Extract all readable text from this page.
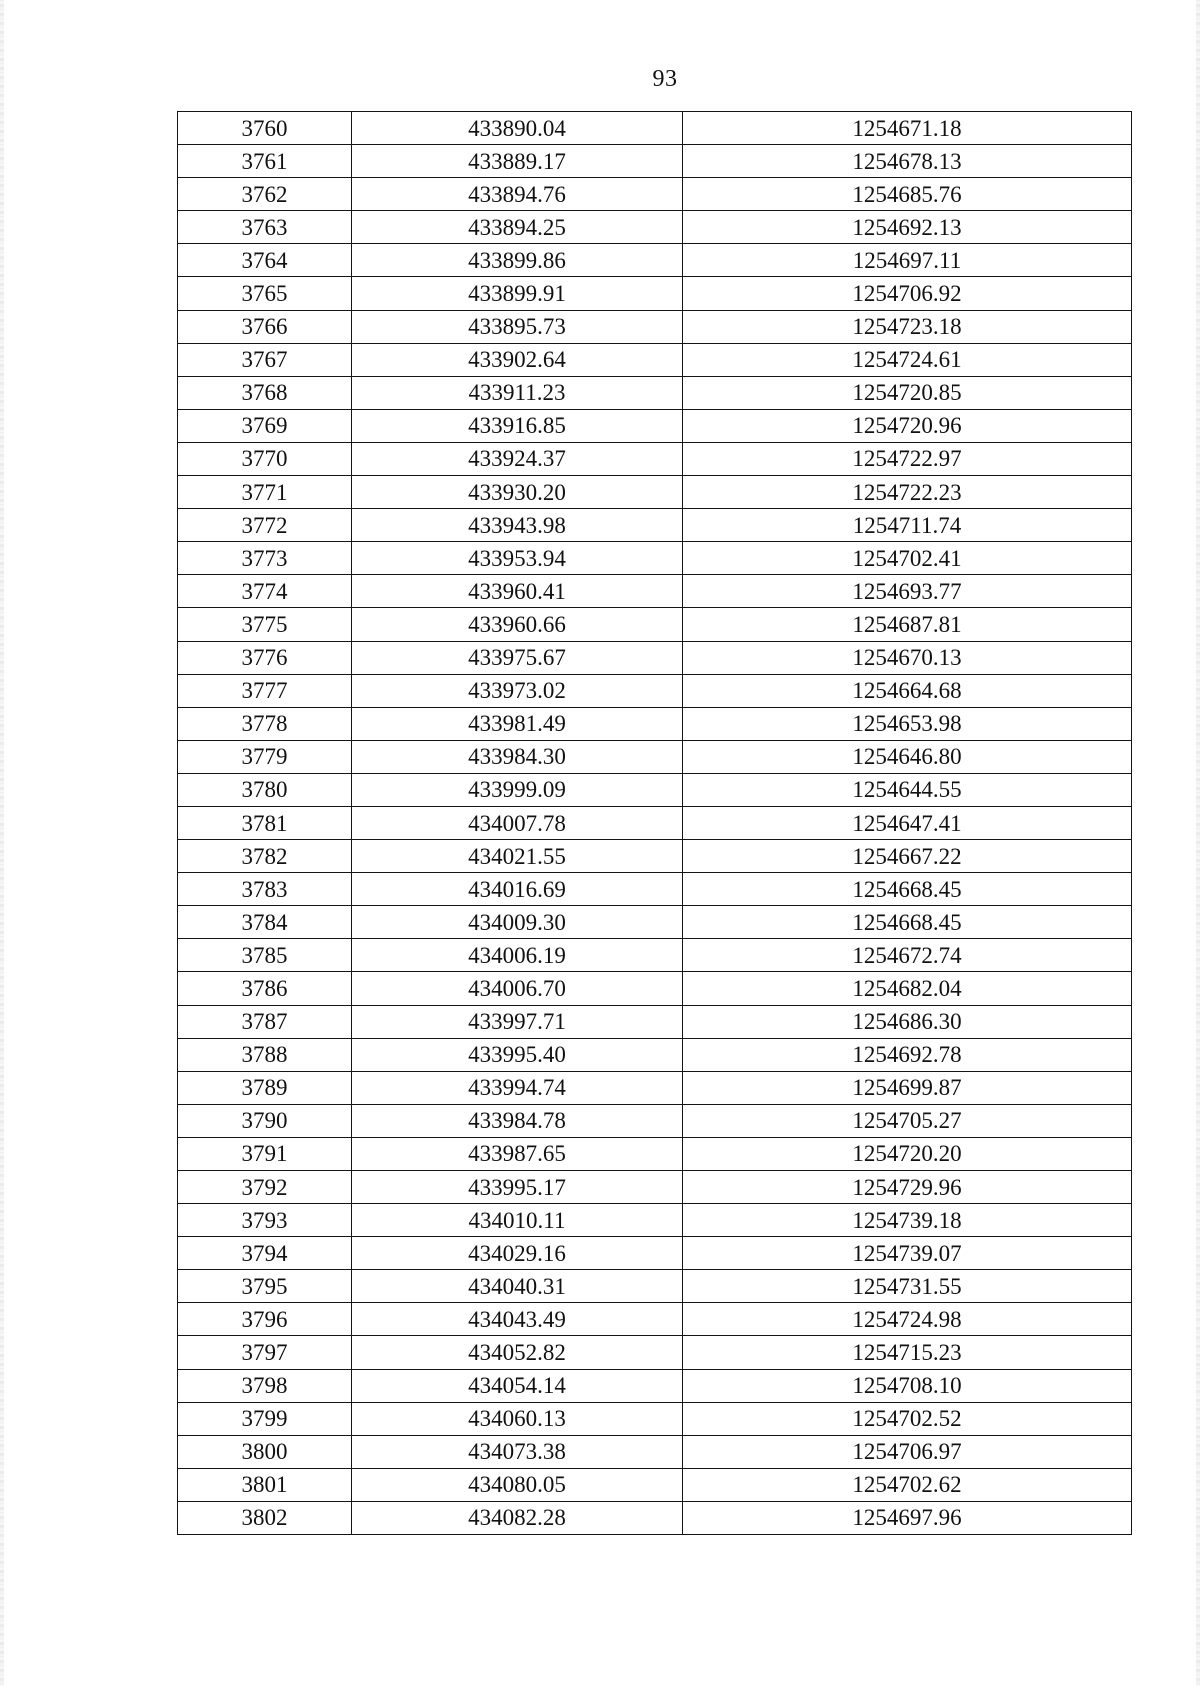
93
3760	433890.04	1254671.18
3761	433889.17	1254678.13
3762	433894.76	1254685.76
3763	433894.25	1254692.13
3764	433899.86	1254697.11
3765	433899.91	1254706.92
3766	433895.73	1254723.18
3767	433902.64	1254724.61
3768	433911.23	1254720.85
3769	433916.85	1254720.96
3770	433924.37	1254722.97
3771	433930.20	1254722.23
3772	433943.98	1254711.74
3773	433953.94	1254702.41
3774	433960.41	1254693.77
3775	433960.66	1254687.81
3776	433975.67	1254670.13
3777	433973.02	1254664.68
3778	433981.49	1254653.98
3779	433984.30	1254646.80
3780	433999.09	1254644.55
3781	434007.78	1254647.41
3782	434021.55	1254667.22
3783	434016.69	1254668.45
3784	434009.30	1254668.45
3785	434006.19	1254672.74
3786	434006.70	1254682.04
3787	433997.71	1254686.30
3788	433995.40	1254692.78
3789	433994.74	1254699.87
3790	433984.78	1254705.27
3791	433987.65	1254720.20
3792	433995.17	1254729.96
3793	434010.11	1254739.18
3794	434029.16	1254739.07
3795	434040.31	1254731.55
3796	434043.49	1254724.98
3797	434052.82	1254715.23
3798	434054.14	1254708.10
3799	434060.13	1254702.52
3800	434073.38	1254706.97
3801	434080.05	1254702.62
3802	434082.28	1254697.96
